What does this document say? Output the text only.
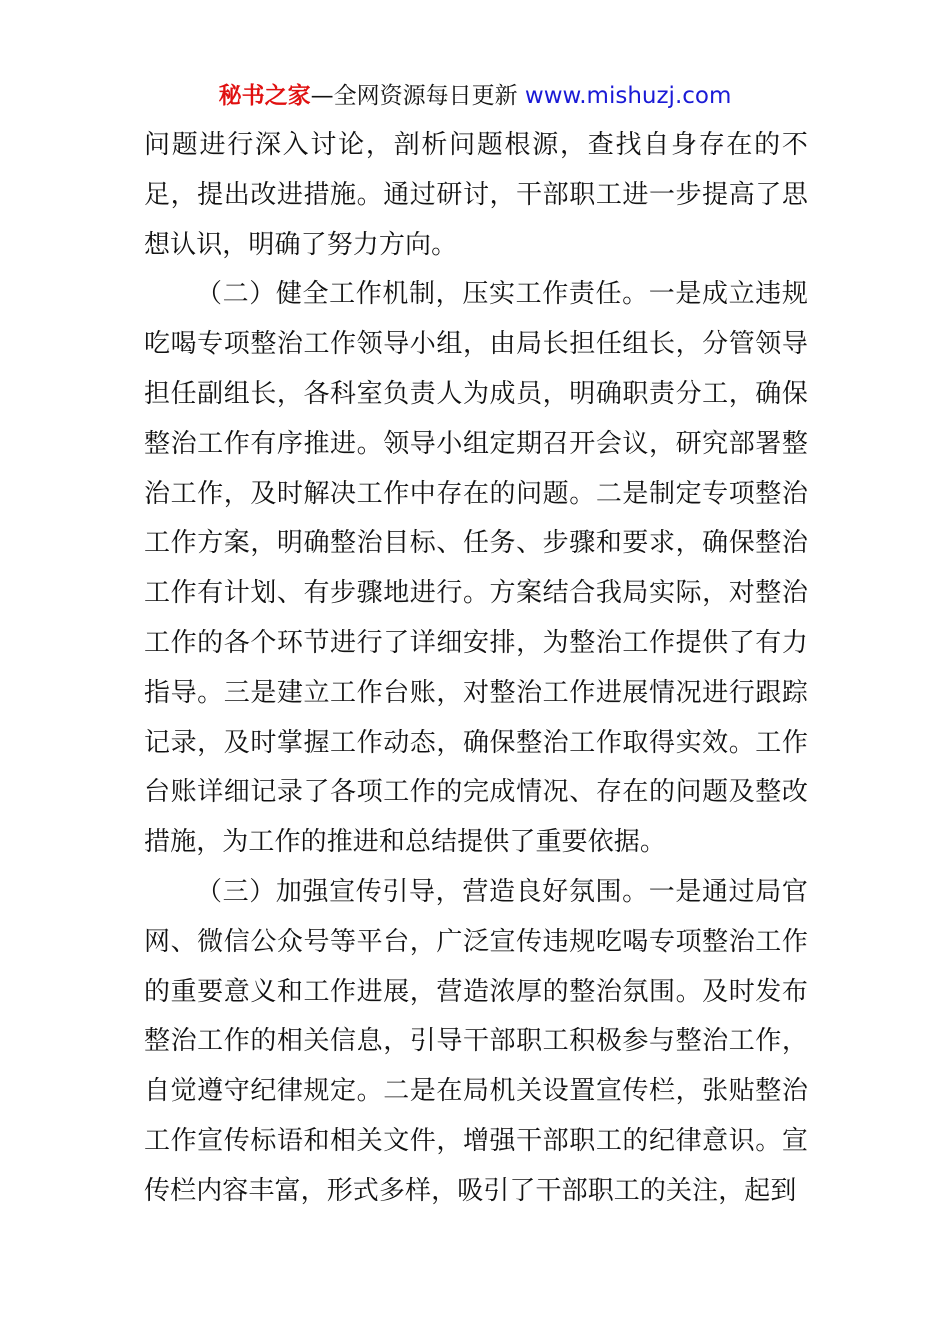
秘书之家—全网资源每日更新 www.mishuzj.com

问题进行深入讨论，剖析问题根源，查找自身存在的不足，提出改进措施。通过研讨，干部职工进一步提高了思想认识，明确了努力方向。

（二）健全工作机制，压实工作责任。一是成立违规吃喝专项整治工作领导小组，由局长担任组长，分管领导担任副组长，各科室负责人为成员，明确职责分工，确保整治工作有序推进。领导小组定期召开会议，研究部署整治工作，及时解决工作中存在的问题。二是制定专项整治工作方案，明确整治目标、任务、步骤和要求，确保整治工作有计划、有步骤地进行。方案结合我局实际，对整治工作的各个环节进行了详细安排，为整治工作提供了有力指导。三是建立工作台账，对整治工作进展情况进行跟踪记录，及时掌握工作动态，确保整治工作取得实效。工作台账详细记录了各项工作的完成情况、存在的问题及整改措施，为工作的推进和总结提供了重要依据。

（三）加强宣传引导，营造良好氛围。一是通过局官网、微信公众号等平台，广泛宣传违规吃喝专项整治工作的重要意义和工作进展，营造浓厚的整治氛围。及时发布整治工作的相关信息，引导干部职工积极参与整治工作，自觉遵守纪律规定。二是在局机关设置宣传栏，张贴整治工作宣传标语和相关文件，增强干部职工的纪律意识。宣传栏内容丰富，形式多样，吸引了干部职工的关注，起到
